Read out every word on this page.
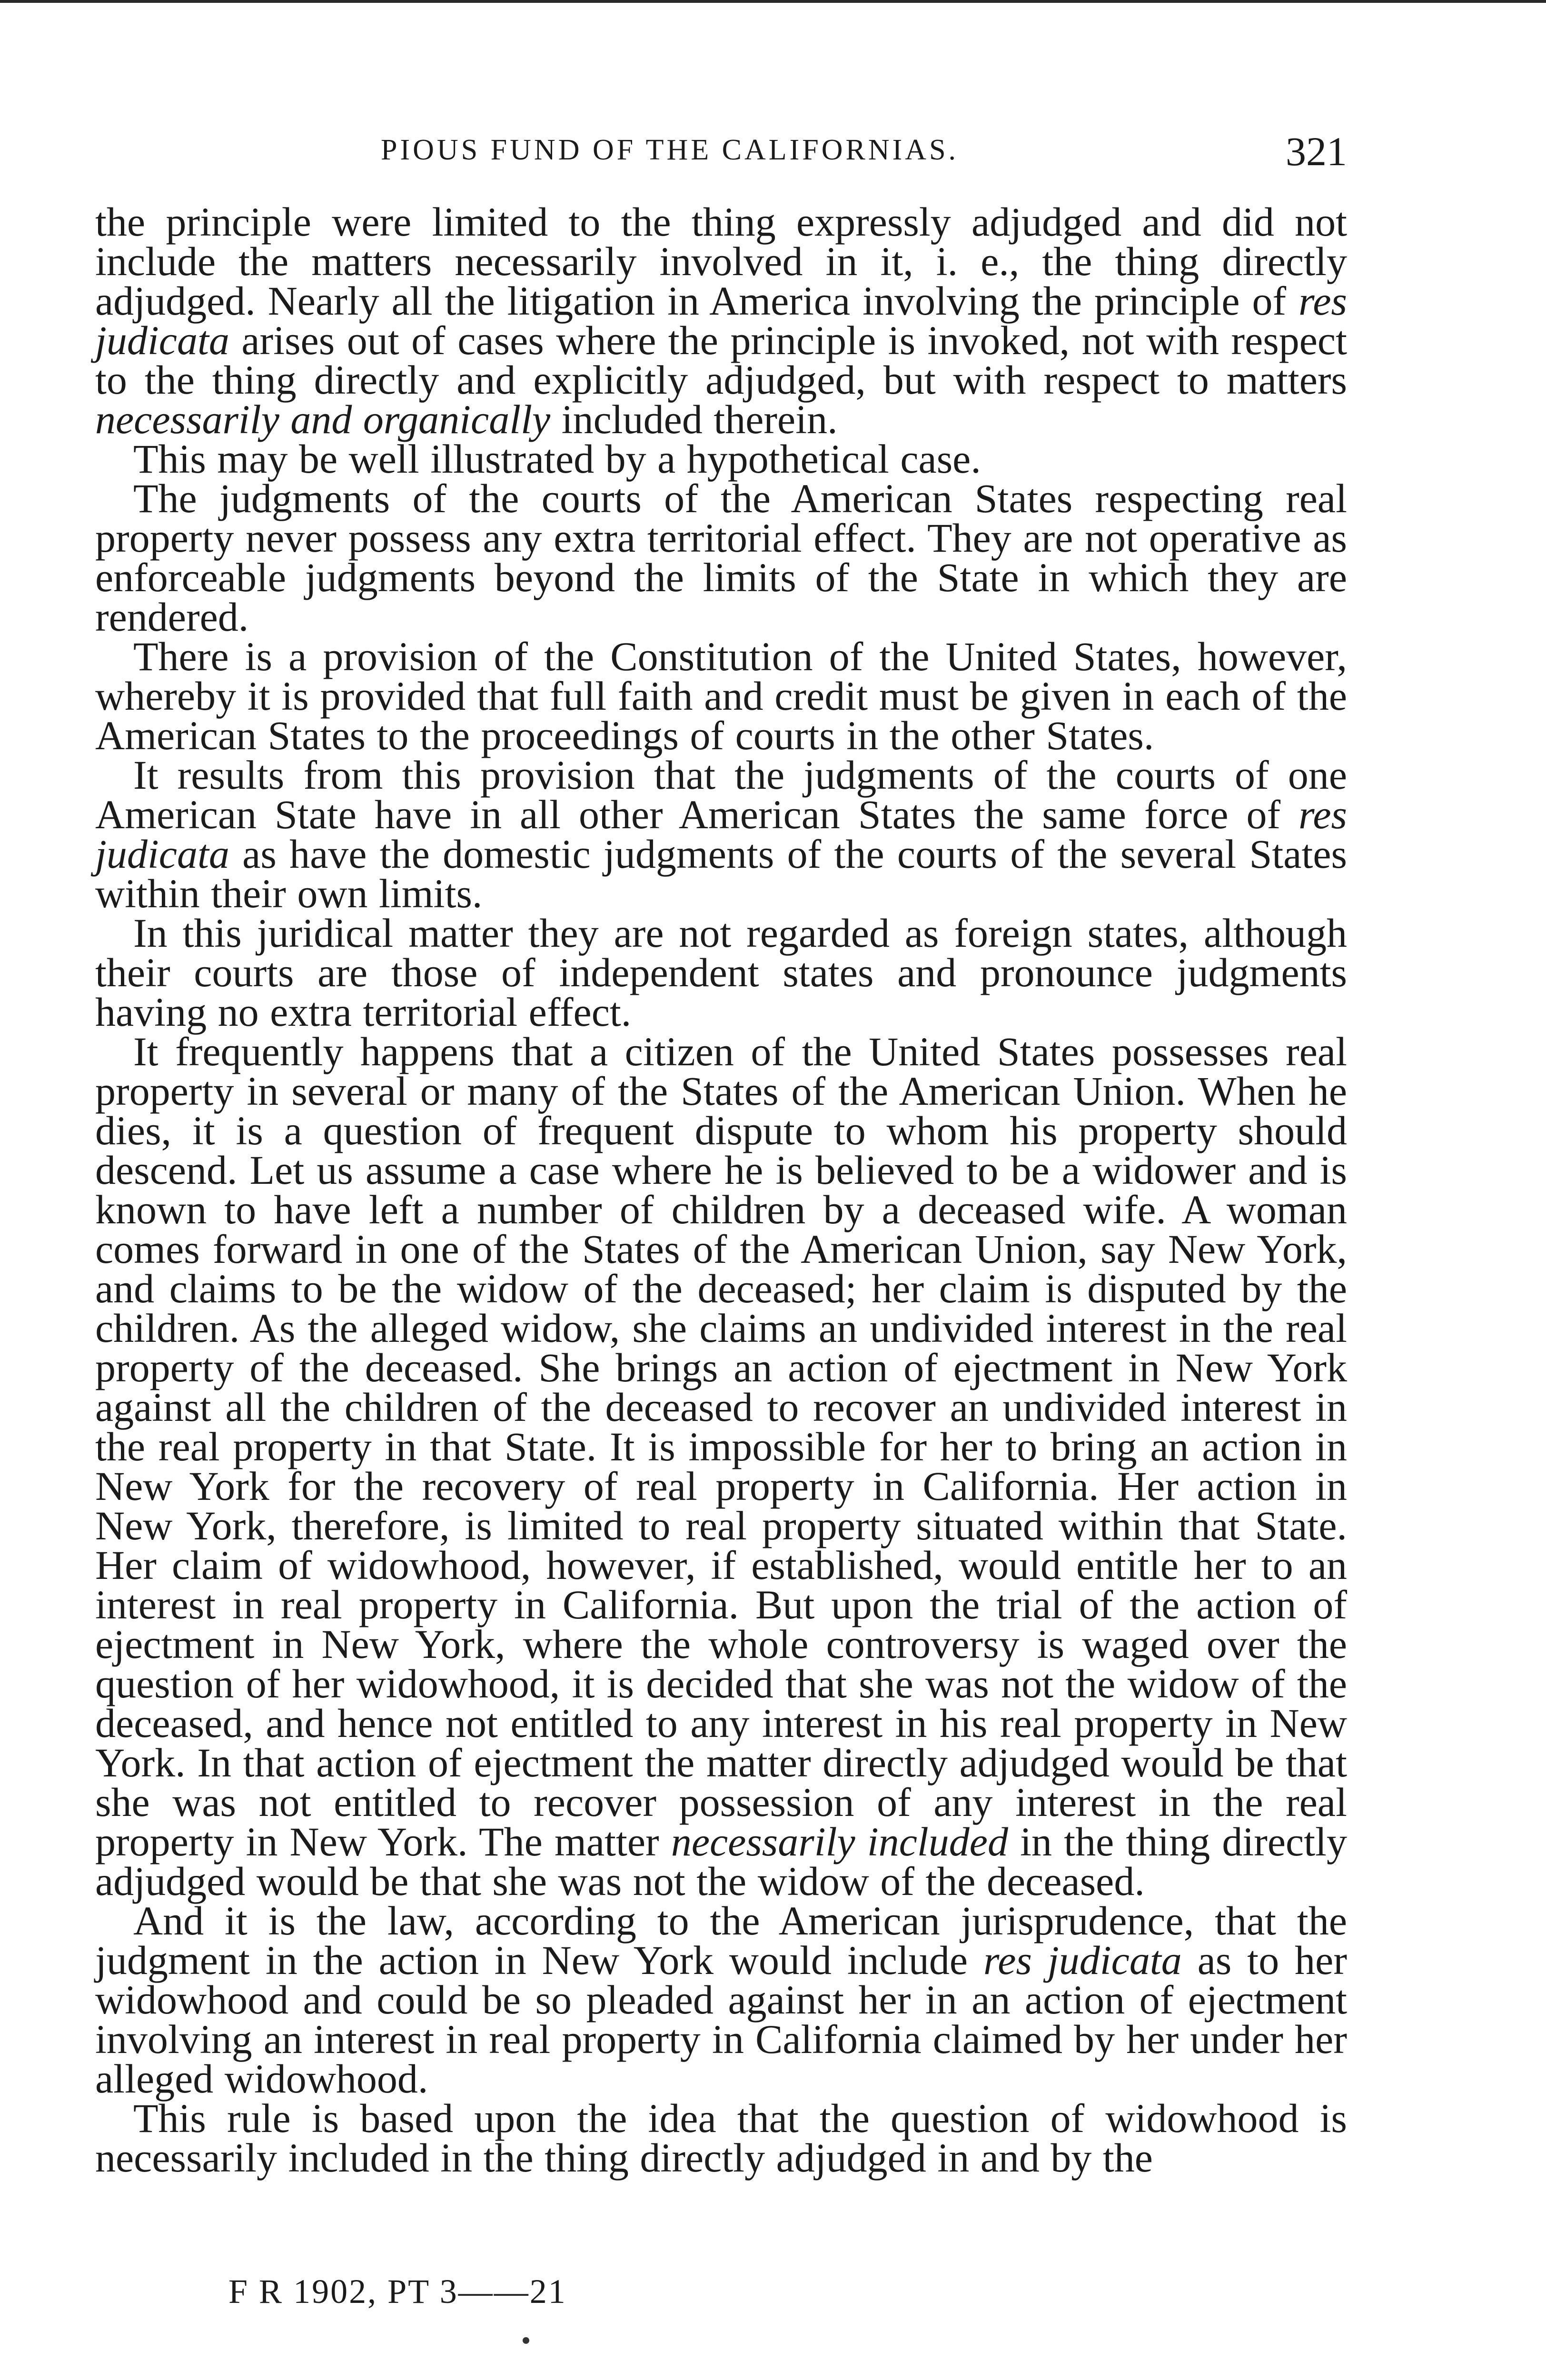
PIOUS FUND OF THE CALIFORNIAS.	321

the principle were limited to the thing expressly adjudged and did not include the matters necessarily involved in it, i. e., the thing directly adjudged. Nearly all the litigation in America involving the principle of res judicata arises out of cases where the principle is invoked, not with respect to the thing directly and explicitly adjudged, but with respect to matters necessarily and organically included therein.

This may be well illustrated by a hypothetical case.

The judgments of the courts of the American States respecting real property never possess any extra territorial effect. They are not operative as enforceable judgments beyond the limits of the State in which they are rendered.

There is a provision of the Constitution of the United States, however, whereby it is provided that full faith and credit must be given in each of the American States to the proceedings of courts in the other States.

It results from this provision that the judgments of the courts of one American State have in all other American States the same force of res judicata as have the domestic judgments of the courts of the several States within their own limits.

In this juridical matter they are not regarded as foreign states, although their courts are those of independent states and pronounce judgments having no extra territorial effect.

It frequently happens that a citizen of the United States possesses real property in several or many of the States of the American Union. When he dies, it is a question of frequent dispute to whom his property should descend. Let us assume a case where he is believed to be a widower and is known to have left a number of children by a deceased wife. A woman comes forward in one of the States of the American Union, say New York, and claims to be the widow of the deceased; her claim is disputed by the children. As the alleged widow, she claims an undivided interest in the real property of the deceased. She brings an action of ejectment in New York against all the children of the deceased to recover an undivided interest in the real property in that State. It is impossible for her to bring an action in New York for the recovery of real property in California. Her action in New York, therefore, is limited to real property situated within that State. Her claim of widowhood, however, if established, would entitle her to an interest in real property in California. But upon the trial of the action of ejectment in New York, where the whole controversy is waged over the question of her widowhood, it is decided that she was not the widow of the deceased, and hence not entitled to any interest in his real property in New York. In that action of ejectment the matter directly adjudged would be that she was not entitled to recover possession of any interest in the real property in New York. The matter necessarily included in the thing directly adjudged would be that she was not the widow of the deceased.

And it is the law, according to the American jurisprudence, that the judgment in the action in New York would include res judicata as to her widowhood and could be so pleaded against her in an action of ejectment involving an interest in real property in California claimed by her under her alleged widowhood.

This rule is based upon the idea that the question of widowhood is necessarily included in the thing directly adjudged in and by the

F R 1902, PT 3——21
